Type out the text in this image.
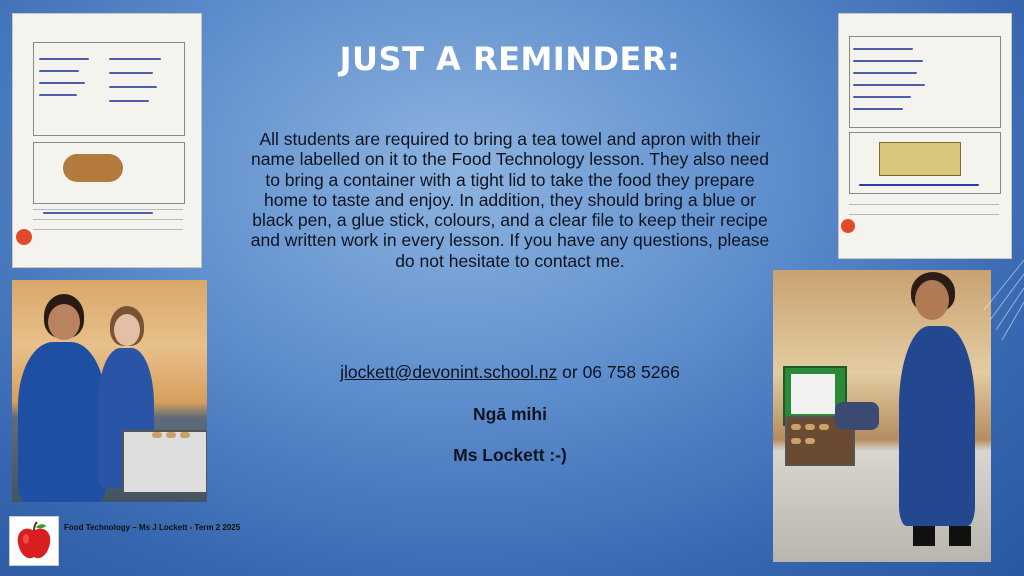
JUST A REMINDER:
All students are required to bring a tea towel and apron with their name labelled on it to the Food Technology lesson. They also need to bring a container with a tight lid to take the food they prepare home to taste and enjoy. In addition, they should bring a blue or black pen, a glue stick, colours, and a clear file to keep their recipe and written work in every lesson. If you have any questions, please do not hesitate to contact me.
jlockett@devonint.school.nz or 06 758 5266
Ngā mihi
Ms Lockett :-)
Food Technology – Ms J Lockett - Term 2 2025
